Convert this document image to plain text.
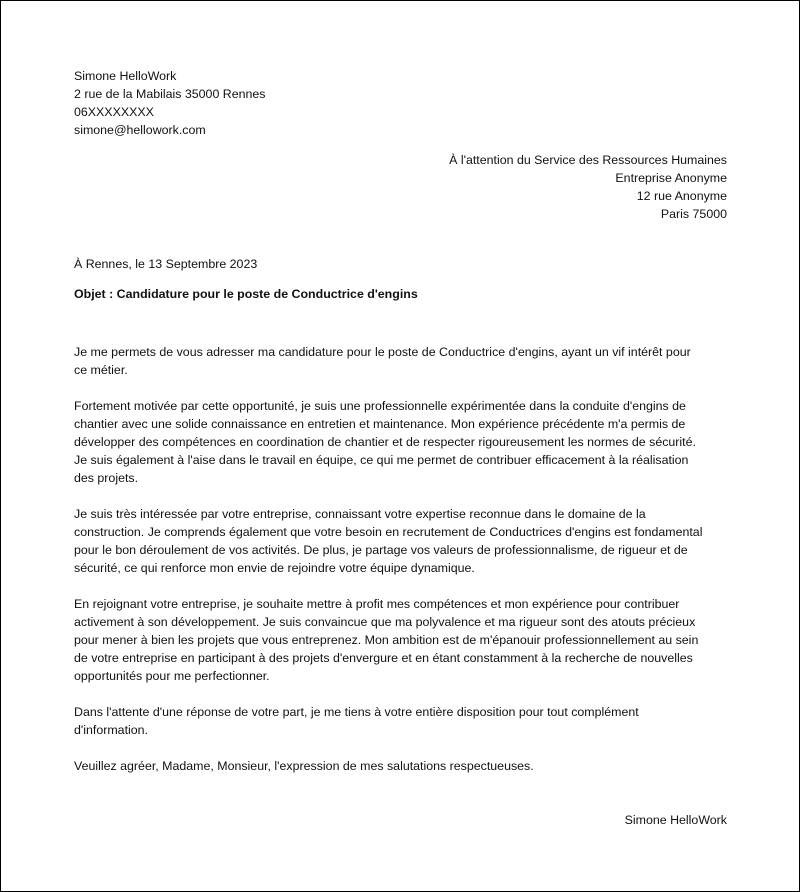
Simone HelloWork
2 rue de la Mabilais 35000 Rennes
06XXXXXXXX
simone@hellowork.com
À l'attention du Service des Ressources Humaines
Entreprise Anonyme
12 rue Anonyme
Paris 75000
À Rennes, le 13 Septembre 2023
Objet : Candidature pour le poste de Conductrice d'engins

Je me permets de vous adresser ma candidature pour le poste de Conductrice d'engins, ayant un vif intérêt pour
ce métier.

Fortement motivée par cette opportunité, je suis une professionnelle expérimentée dans la conduite d'engins de
chantier avec une solide connaissance en entretien et maintenance. Mon expérience précédente m'a permis de
développer des compétences en coordination de chantier et de respecter rigoureusement les normes de sécurité.
Je suis également à l'aise dans le travail en équipe, ce qui me permet de contribuer efficacement à la réalisation
des projets.

Je suis très intéressée par votre entreprise, connaissant votre expertise reconnue dans le domaine de la
construction. Je comprends également que votre besoin en recrutement de Conductrices d'engins est fondamental
pour le bon déroulement de vos activités. De plus, je partage vos valeurs de professionnalisme, de rigueur et de
sécurité, ce qui renforce mon envie de rejoindre votre équipe dynamique.

En rejoignant votre entreprise, je souhaite mettre à profit mes compétences et mon expérience pour contribuer
activement à son développement. Je suis convaincue que ma polyvalence et ma rigueur sont des atouts précieux
pour mener à bien les projets que vous entreprenez. Mon ambition est de m'épanouir professionnellement au sein
de votre entreprise en participant à des projets d'envergure et en étant constamment à la recherche de nouvelles
opportunités pour me perfectionner.

Dans l'attente d'une réponse de votre part, je me tiens à votre entière disposition pour tout complément
d'information.

Veuillez agréer, Madame, Monsieur, l'expression de mes salutations respectueuses.

Simone HelloWork
